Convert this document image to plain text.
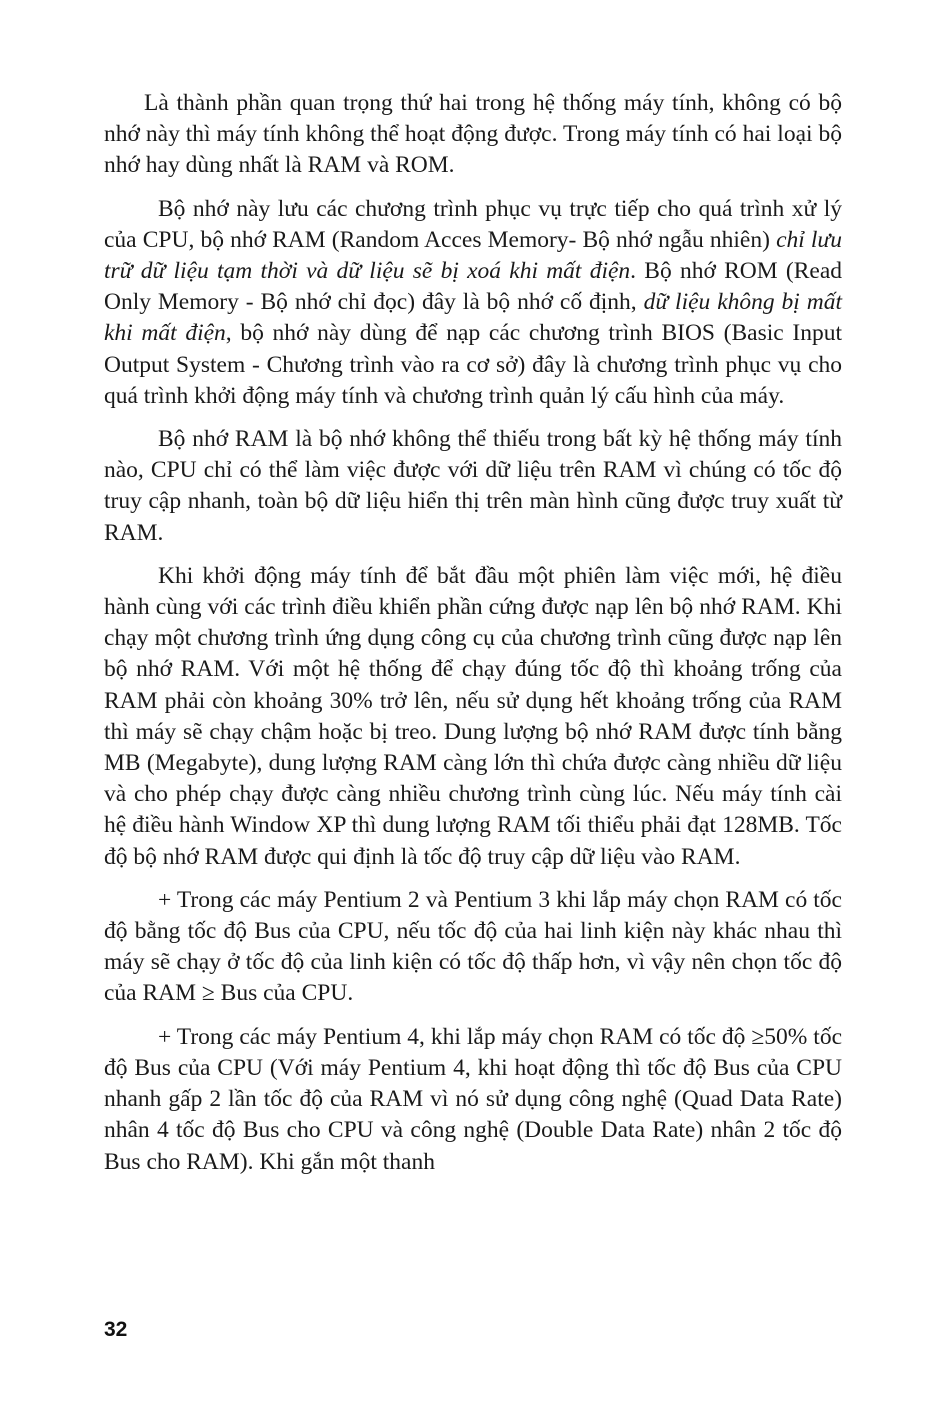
Là thành phần quan trọng thứ hai trong hệ thống máy tính, không có bộ nhớ này thì máy tính không thể hoạt động được. Trong máy tính có hai loại bộ nhớ hay dùng nhất là RAM và ROM.

Bộ nhớ này lưu các chương trình phục vụ trực tiếp cho quá trình xử lý của CPU, bộ nhớ RAM (Random Acces Memory- Bộ nhớ ngẫu nhiên) chỉ lưu trữ dữ liệu tạm thời và dữ liệu sẽ bị xoá khi mất điện. Bộ nhớ ROM (Read Only Memory - Bộ nhớ chỉ đọc) đây là bộ nhớ cố định, dữ liệu không bị mất khi mất điện, bộ nhớ này dùng để nạp các chương trình BIOS (Basic Input Output System - Chương trình vào ra cơ sở) đây là chương trình phục vụ cho quá trình khởi động máy tính và chương trình quản lý cấu hình của máy.

Bộ nhớ RAM là bộ nhớ không thể thiếu trong bất kỳ hệ thống máy tính nào, CPU chỉ có thể làm việc được với dữ liệu trên RAM vì chúng có tốc độ truy cập nhanh, toàn bộ dữ liệu hiển thị trên màn hình cũng được truy xuất từ RAM.

Khi khởi động máy tính để bắt đầu một phiên làm việc mới, hệ điều hành cùng với các trình điều khiển phần cứng được nạp lên bộ nhớ RAM. Khi chạy một chương trình ứng dụng công cụ của chương trình cũng được nạp lên bộ nhớ RAM. Với một hệ thống để chạy đúng tốc độ thì khoảng trống của RAM phải còn khoảng 30% trở lên, nếu sử dụng hết khoảng trống của RAM thì máy sẽ chạy chậm hoặc bị treo. Dung lượng bộ nhớ RAM được tính bằng MB (Megabyte), dung lượng RAM càng lớn thì chứa được càng nhiều dữ liệu và cho phép chạy được càng nhiều chương trình cùng lúc. Nếu máy tính cài hệ điều hành Window XP thì dung lượng RAM tối thiểu phải đạt 128MB. Tốc độ bộ nhớ RAM được qui định là tốc độ truy cập dữ liệu vào RAM.

+ Trong các máy Pentium 2 và Pentium 3 khi lắp máy chọn RAM có tốc độ bằng tốc độ Bus của CPU, nếu tốc độ của hai linh kiện này khác nhau thì máy sẽ chạy ở tốc độ của linh kiện có tốc độ thấp hơn, vì vậy nên chọn tốc độ của RAM ≥ Bus của CPU.

+ Trong các máy Pentium 4, khi lắp máy chọn RAM có tốc độ ≥50% tốc độ Bus của CPU (Với máy Pentium 4, khi hoạt động thì tốc độ Bus của CPU nhanh gấp 2 lần tốc độ của RAM vì nó sử dụng công nghệ (Quad Data Rate) nhân 4 tốc độ Bus cho CPU và công nghệ (Double Data Rate) nhân 2 tốc độ Bus cho RAM). Khi gắn một thanh

32
